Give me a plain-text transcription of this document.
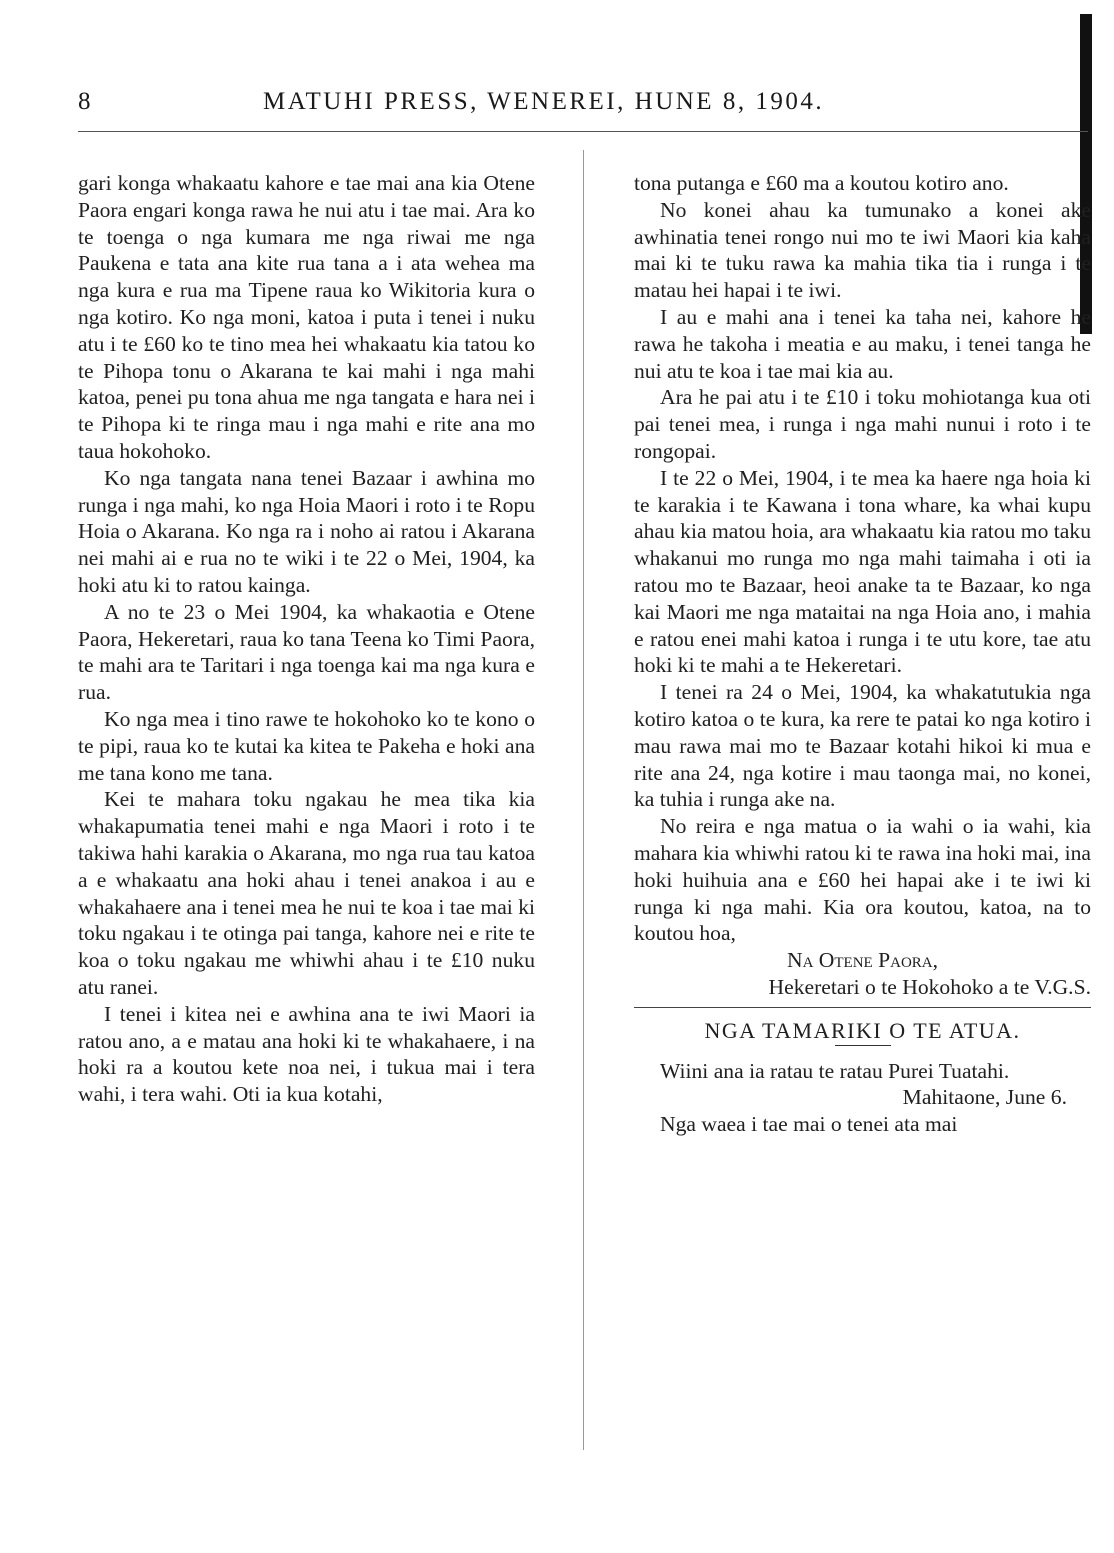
8	MATUHI PRESS, WENEREI, HUNE 8, 1904.

gari konga whakaatu kahore e tae mai ana kia Otene Paora engari konga rawa he nui atu i tae mai. Ara ko te toenga o nga kumara me nga riwai me nga Paukena e tata ana kite rua tana a i ata wehea ma nga kura e rua ma Tipene raua ko Wikitoria kura o nga kotiro. Ko nga moni, katoa i puta i tenei i nuku atu i te £60 ko te tino mea hei whakaatu kia tatou ko te Pihopa tonu o Akarana te kai mahi i nga mahi katoa, penei pu tona ahua me nga tangata e hara nei i te Pihopa ki te ringa mau i nga mahi e rite ana mo taua hokohoko.

Ko nga tangata nana tenei Bazaar i awhina mo runga i nga mahi, ko nga Hoia Maori i roto i te Ropu Hoia o Akarana. Ko nga ra i noho ai ratou i Akarana nei mahi ai e rua no te wiki i te 22 o Mei, 1904, ka hoki atu ki to ratou kainga.

A no te 23 o Mei 1904, ka whakaotia e Otene Paora, Hekeretari, raua ko tana Teena ko Timi Paora, te mahi ara te Taritari i nga toenga kai ma nga kura e rua.

Ko nga mea i tino rawe te hokohoko ko te kono o te pipi, raua ko te kutai ka kitea te Pakeha e hoki ana me tana kono me tana.

Kei te mahara toku ngakau he mea tika kia whakapumatia tenei mahi e nga Maori i roto i te takiwa hahi karakia o Akarana, mo nga rua tau katoa a e whakaatu ana hoki ahau i tenei anakoa i au e whakahaere ana i tenei mea he nui te koa i tae mai ki toku ngakau i te otinga pai tanga, kahore nei e rite te koa o toku ngakau me whiwhi ahau i te £10 nuku atu ranei.

I tenei i kitea nei e awhina ana te iwi Maori ia ratou ano, a e matau ana hoki ki te whakahaere, i na hoki ra a koutou kete noa nei, i tukua mai i tera wahi, i tera wahi. Oti ia kua kotahi,

tona putanga e £60 ma a koutou kotiro ano.

No konei ahau ka tumunako a konei ake awhinatia tenei rongo nui mo te iwi Maori kia kaha mai ki te tuku rawa ka mahia tika tia i runga i te matau hei hapai i te iwi.

I au e mahi ana i tenei ka taha nei, kahore he rawa he takoha i meatia e au maku, i tenei tanga he nui atu te koa i tae mai kia au.

Ara he pai atu i te £10 i toku mohiotanga kua oti pai tenei mea, i runga i nga mahi nunui i roto i te rongopai.

I te 22 o Mei, 1904, i te mea ka haere nga hoia ki te karakia i te Kawana i tona whare, ka whai kupu ahau kia matou hoia, ara whakaatu kia ratou mo taku whakanui mo runga mo nga mahi taimaha i oti ia ratou mo te Bazaar, heoi anake ta te Bazaar, ko nga kai Maori me nga mataitai na nga Hoia ano, i mahia e ratou enei mahi katoa i runga i te utu kore, tae atu hoki ki te mahi a te Hekeretari.

I tenei ra 24 o Mei, 1904, ka whakatutukia nga kotiro katoa o te kura, ka rere te patai ko nga kotiro i mau rawa mai mo te Bazaar kotahi hikoi ki mua e rite ana 24, nga kotire i mau taonga mai, no konei, ka tuhia i runga ake na.

No reira e nga matua o ia wahi o ia wahi, kia mahara kia whiwhi ratou ki te rawa ina hoki mai, ina hoki huihuia ana e £60 hei hapai ake i te iwi ki runga ki nga mahi. Kia ora koutou, katoa, na to koutou hoa,

Na Otene Paora,

Hekeretari o te Hokohoko a te V.G.S.

NGA TAMARIKI O TE ATUA.

Wiini ana ia ratau te ratau Purei Tuatahi.

Mahitaone, June 6.

Nga waea i tae mai o tenei ata mai
